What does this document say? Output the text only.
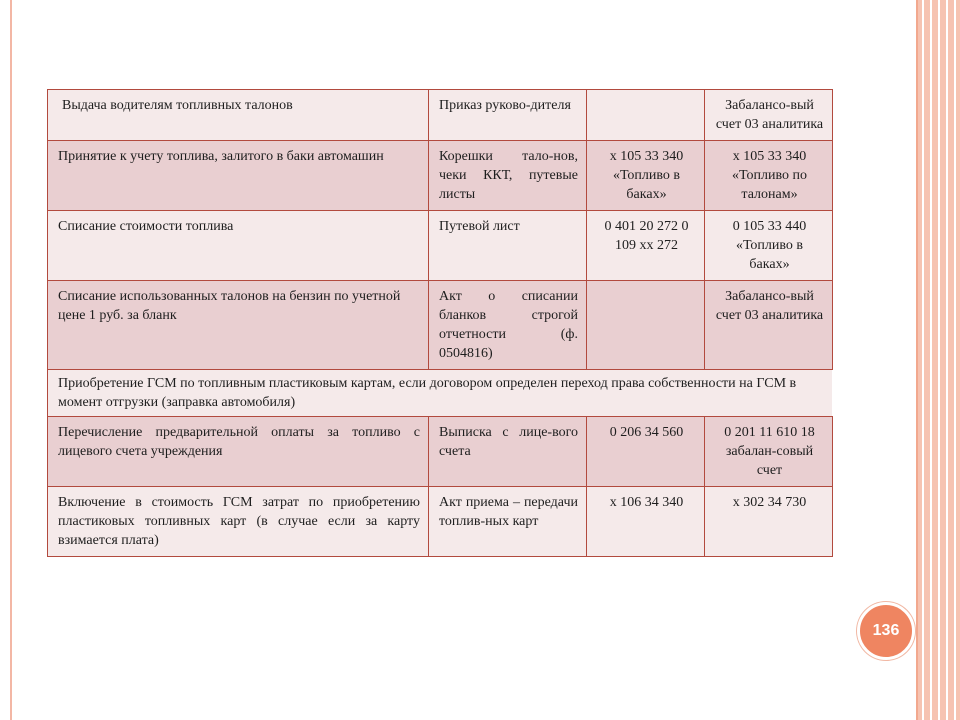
Выдача водителям топливных талонов	Приказ руково-дителя		Забалансо-вый счет 03 аналитика
Принятие к учету топлива, залитого в баки автомашин	Корешки тало-нов, чеки ККТ, путевые листы	х 105 33 340 «Топливо в баках»	х 105 33 340 «Топливо по талонам»
Списание стоимости топлива	Путевой лист	0 401 20 272 0 109 хх 272	0 105 33 440 «Топливо в баках»
Списание использованных талонов на бензин по учетной цене 1 руб. за бланк	Акт о списании бланков строгой отчетности (ф. 0504816)		Забалансо-вый счет 03 аналитика
Приобретение ГСМ по топливным пластиковым картам, если договором определен переход права собственности на ГСМ в момент отгрузки (заправка автомобиля)			
Перечисление предварительной оплаты за топливо с лицевого счета учреждения	Выписка с лице-вого счета	0 206 34 560	0 201 11 610 18 забалан-совый счет
Включение в стоимость ГСМ затрат по приобретению пластиковых топливных карт (в случае если за карту взимается плата)	Акт приема – передачи топлив-ных карт	х 106 34 340	х 302 34 730
136
